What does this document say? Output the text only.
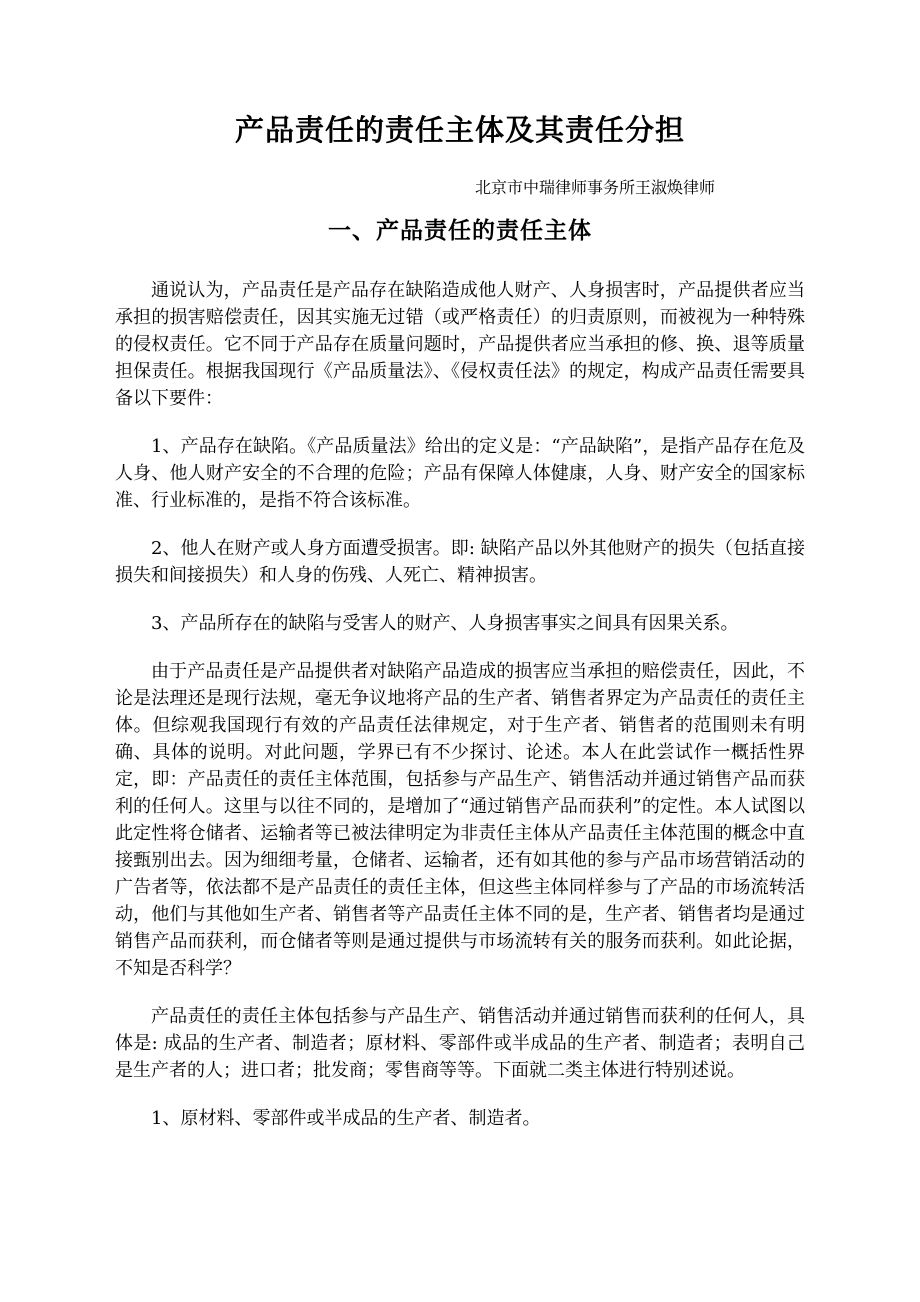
产品责任的责任主体及其责任分担
北京市中瑞律师事务所王淑焕律师
一、产品责任的责任主体

通说认为，产品责任是产品存在缺陷造成他人财产、人身损害时，产品提供者应当承担的损害赔偿责任，因其实施无过错（或严格责任）的归责原则，而被视为一种特殊的侵权责任。它不同于产品存在质量问题时，产品提供者应当承担的修、换、退等质量担保责任。根据我国现行《产品质量法》、《侵权责任法》的规定，构成产品责任需要具备以下要件：

1、产品存在缺陷。《产品质量法》给出的定义是：“产品缺陷”，是指产品存在危及人身、他人财产安全的不合理的危险；产品有保障人体健康，人身、财产安全的国家标准、行业标准的，是指不符合该标准。

2、他人在财产或人身方面遭受损害。即: 缺陷产品以外其他财产的损失（包括直接损失和间接损失）和人身的伤残、人死亡、精神损害。

3、产品所存在的缺陷与受害人的财产、人身损害事实之间具有因果关系。

由于产品责任是产品提供者对缺陷产品造成的损害应当承担的赔偿责任，因此，不论是法理还是现行法规，毫无争议地将产品的生产者、销售者界定为产品责任的责任主体。但综观我国现行有效的产品责任法律规定，对于生产者、销售者的范围则未有明确、具体的说明。对此问题，学界已有不少探讨、论述。本人在此尝试作一概括性界定，即：产品责任的责任主体范围，包括参与产品生产、销售活动并通过销售产品而获利的任何人。这里与以往不同的，是增加了“通过销售产品而获利”的定性。本人试图以此定性将仓储者、运输者等已被法律明定为非责任主体从产品责任主体范围的概念中直接甄别出去。因为细细考量，仓储者、运输者，还有如其他的参与产品市场营销活动的广告者等，依法都不是产品责任的责任主体，但这些主体同样参与了产品的市场流转活动，他们与其他如生产者、销售者等产品责任主体不同的是，生产者、销售者均是通过销售产品而获利，而仓储者等则是通过提供与市场流转有关的服务而获利。如此论据，不知是否科学？

产品责任的责任主体包括参与产品生产、销售活动并通过销售而获利的任何人，具体是: 成品的生产者、制造者；原材料、零部件或半成品的生产者、制造者；表明自己是生产者的人；进口者；批发商；零售商等等。下面就二类主体进行特别述说。

1、原材料、零部件或半成品的生产者、制造者。
